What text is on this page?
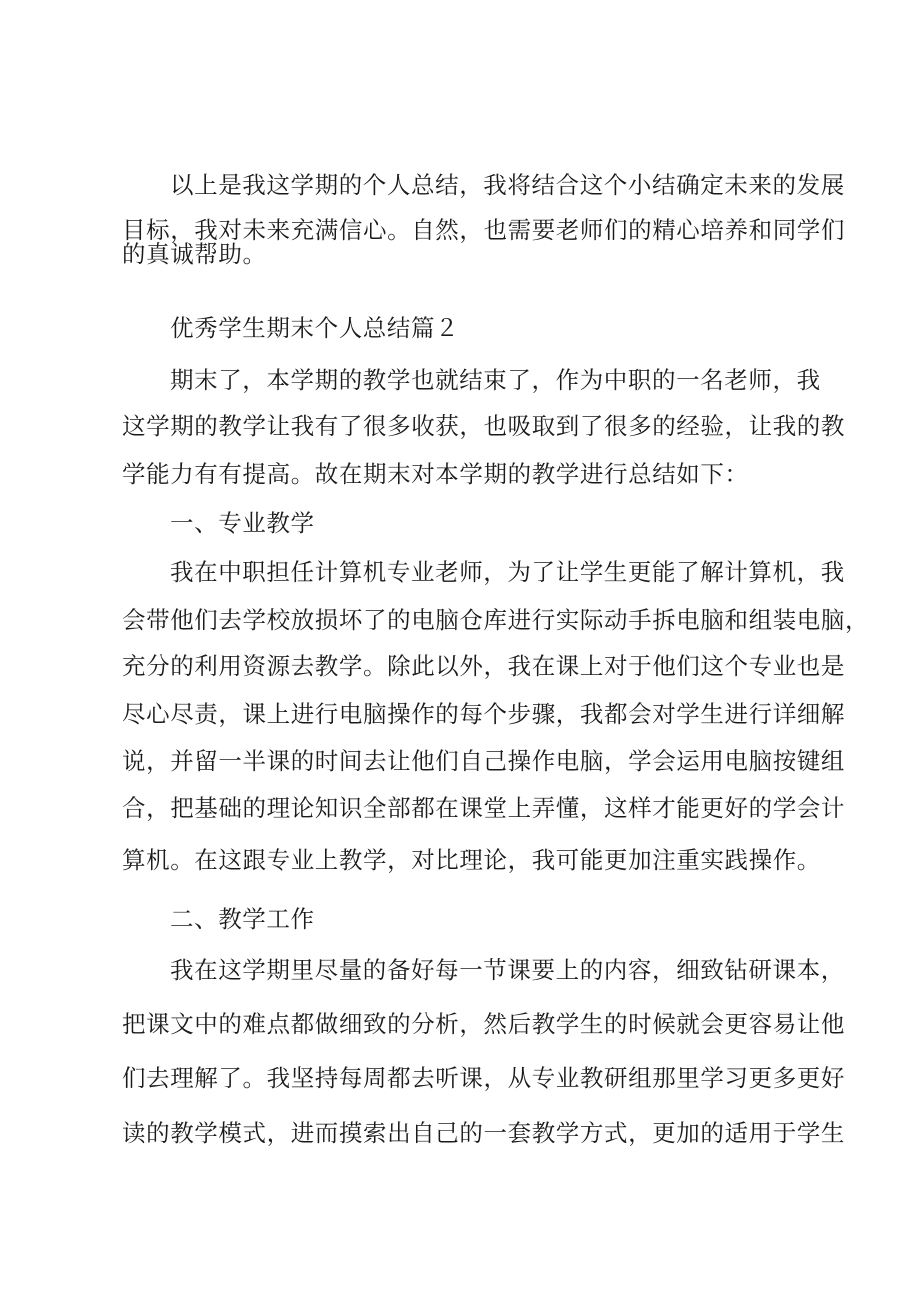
以上是我这学期的个人总结，我将结合这个小结确定未来的发展

目标，我对未来充满信心。自然，也需要老师们的精心培养和同学们

的真诚帮助。

优秀学生期末个人总结篇２

期末了，本学期的教学也就结束了，作为中职的一名老师，我

这学期的教学让我有了很多收获，也吸取到了很多的经验，让我的教

学能力有有提高。故在期末对本学期的教学进行总结如下：

一、专业教学

我在中职担任计算机专业老师，为了让学生更能了解计算机，我

会带他们去学校放损坏了的电脑仓库进行实际动手拆电脑和组装电脑，

充分的利用资源去教学。除此以外，我在课上对于他们这个专业也是

尽心尽责，课上进行电脑操作的每个步骤，我都会对学生进行详细解

说，并留一半课的时间去让他们自己操作电脑，学会运用电脑按键组

合，把基础的理论知识全部都在课堂上弄懂，这样才能更好的学会计

算机。在这跟专业上教学，对比理论，我可能更加注重实践操作。

二、教学工作

我在这学期里尽量的备好每一节课要上的内容，细致钻研课本，

把课文中的难点都做细致的分析，然后教学生的时候就会更容易让他

们去理解了。我坚持每周都去听课，从专业教研组那里学习更多更好

读的教学模式，进而摸索出自己的一套教学方式，更加的适用于学生
